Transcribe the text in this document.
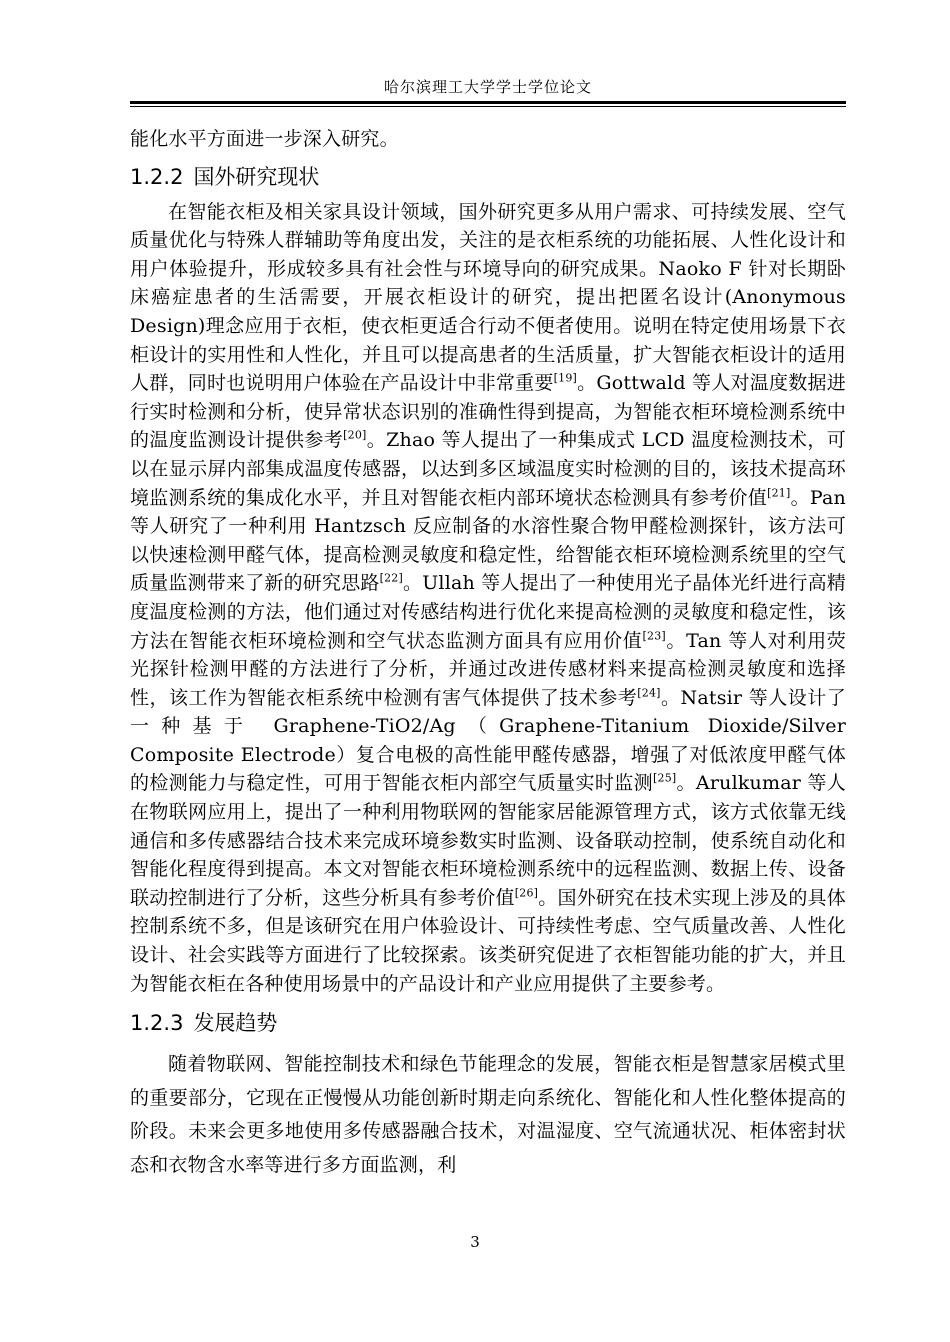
哈尔滨理工大学学士学位论文

能化水平方面进一步深入研究。

1.2.2 国外研究现状

在智能衣柜及相关家具设计领域，国外研究更多从用户需求、可持续发展、空气质量优化与特殊人群辅助等角度出发，关注的是衣柜系统的功能拓展、人性化设计和用户体验提升，形成较多具有社会性与环境导向的研究成果。Naoko F 针对长期卧床癌症患者的生活需要，开展衣柜设计的研究，提出把匿名设计(Anonymous Design)理念应用于衣柜，使衣柜更适合行动不便者使用。说明在特定使用场景下衣柜设计的实用性和人性化，并且可以提高患者的生活质量，扩大智能衣柜设计的适用人群，同时也说明用户体验在产品设计中非常重要[19]。Gottwald 等人对温度数据进行实时检测和分析，使异常状态识别的准确性得到提高，为智能衣柜环境检测系统中的温度监测设计提供参考[20]。Zhao 等人提出了一种集成式 LCD 温度检测技术，可以在显示屏内部集成温度传感器，以达到多区域温度实时检测的目的，该技术提高环境监测系统的集成化水平，并且对智能衣柜内部环境状态检测具有参考价值[21]。Pan 等人研究了一种利用 Hantzsch 反应制备的水溶性聚合物甲醛检测探针，该方法可以快速检测甲醛气体，提高检测灵敏度和稳定性，给智能衣柜环境检测系统里的空气质量监测带来了新的研究思路[22]。Ullah 等人提出了一种使用光子晶体光纤进行高精度温度检测的方法，他们通过对传感结构进行优化来提高检测的灵敏度和稳定性，该方法在智能衣柜环境检测和空气状态监测方面具有应用价值[23]。Tan 等人对利用荧光探针检测甲醛的方法进行了分析，并通过改进传感材料来提高检测灵敏度和选择性，该工作为智能衣柜系统中检测有害气体提供了技术参考[24]。Natsir 等人设计了一种基于 Graphene-TiO2/Ag（Graphene-Titanium Dioxide/Silver Composite Electrode）复合电极的高性能甲醛传感器，增强了对低浓度甲醛气体的检测能力与稳定性，可用于智能衣柜内部空气质量实时监测[25]。Arulkumar 等人在物联网应用上，提出了一种利用物联网的智能家居能源管理方式，该方式依靠无线通信和多传感器结合技术来完成环境参数实时监测、设备联动控制，使系统自动化和智能化程度得到提高。本文对智能衣柜环境检测系统中的远程监测、数据上传、设备联动控制进行了分析，这些分析具有参考价值[26]。国外研究在技术实现上涉及的具体控制系统不多，但是该研究在用户体验设计、可持续性考虑、空气质量改善、人性化设计、社会实践等方面进行了比较探索。该类研究促进了衣柜智能功能的扩大，并且为智能衣柜在各种使用场景中的产品设计和产业应用提供了主要参考。

1.2.3 发展趋势

随着物联网、智能控制技术和绿色节能理念的发展，智能衣柜是智慧家居模式里的重要部分，它现在正慢慢从功能创新时期走向系统化、智能化和人性化整体提高的阶段。未来会更多地使用多传感器融合技术，对温湿度、空气流通状况、柜体密封状态和衣物含水率等进行多方面监测，利

3
